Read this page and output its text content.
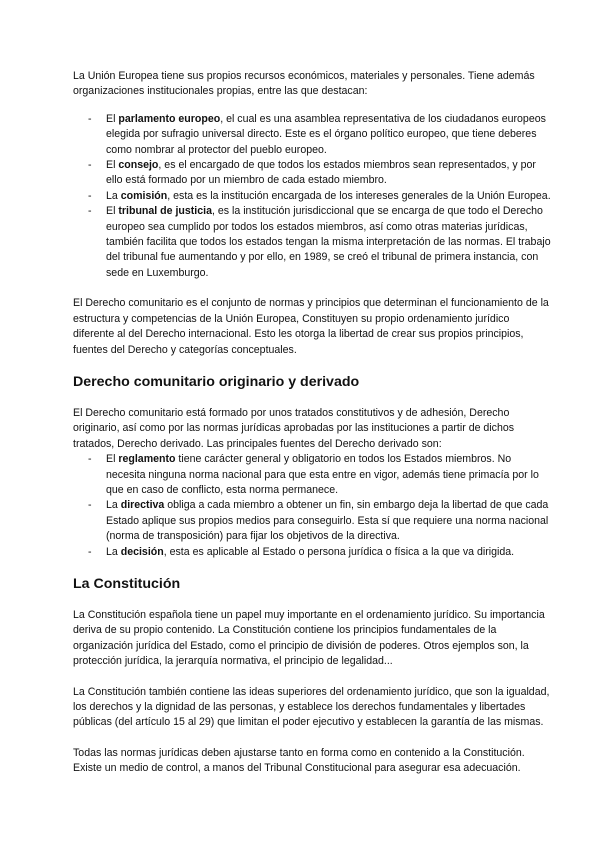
La Unión Europea tiene sus propios recursos económicos, materiales y personales. Tiene además organizaciones institucionales propias, entre las que destacan:

- El parlamento europeo, el cual es una asamblea representativa de los ciudadanos europeos elegida por sufragio universal directo. Este es el órgano político europeo, que tiene deberes como nombrar al protector del pueblo europeo.
- El consejo, es el encargado de que todos los estados miembros sean representados, y por ello está formado por un miembro de cada estado miembro.
- La comisión, esta es la institución encargada de los intereses generales de la Unión Europea.
- El tribunal de justicia, es la institución jurisdiccional que se encarga de que todo el Derecho europeo sea cumplido por todos los estados miembros, así como otras materias jurídicas, también facilita que todos los estados tengan la misma interpretación de las normas. El trabajo del tribunal fue aumentando y por ello, en 1989, se creó el tribunal de primera instancia, con sede en Luxemburgo.

El Derecho comunitario es el conjunto de normas y principios que determinan el funcionamiento de la estructura y competencias de la Unión Europea, Constituyen su propio ordenamiento jurídico diferente al del Derecho internacional. Esto les otorga la libertad de crear sus propios principios, fuentes del Derecho y categorías conceptuales.

Derecho comunitario originario y derivado

El Derecho comunitario está formado por unos tratados constitutivos y de adhesión, Derecho originario, así como por las normas jurídicas aprobadas por las instituciones a partir de dichos tratados, Derecho derivado. Las principales fuentes del Derecho derivado son:

- El reglamento tiene carácter general y obligatorio en todos los Estados miembros. No necesita ninguna norma nacional para que esta entre en vigor, además tiene primacía por lo que en caso de conflicto, esta norma permanece.
- La directiva obliga a cada miembro a obtener un fin, sin embargo deja la libertad de que cada Estado aplique sus propios medios para conseguirlo. Esta sí que requiere una norma nacional (norma de transposición) para fijar los objetivos de la directiva.
- La decisión, esta es aplicable al Estado o persona jurídica o física a la que va dirigida.
La Constitución

La Constitución española tiene un papel muy importante en el ordenamiento jurídico. Su importancia deriva de su propio contenido. La Constitución contiene los principios fundamentales de la organización jurídica del Estado, como el principio de división de poderes. Otros ejemplos son, la protección jurídica, la jerarquía normativa, el principio de legalidad...

La Constitución también contiene las ideas superiores del ordenamiento jurídico, que son la igualdad, los derechos y la dignidad de las personas, y establece los derechos fundamentales y libertades públicas (del artículo 15 al 29) que limitan el poder ejecutivo y establecen la garantía de las mismas.

Todas las normas jurídicas deben ajustarse tanto en forma como en contenido a la Constitución. Existe un medio de control, a manos del Tribunal Constitucional para asegurar esa adecuación.
